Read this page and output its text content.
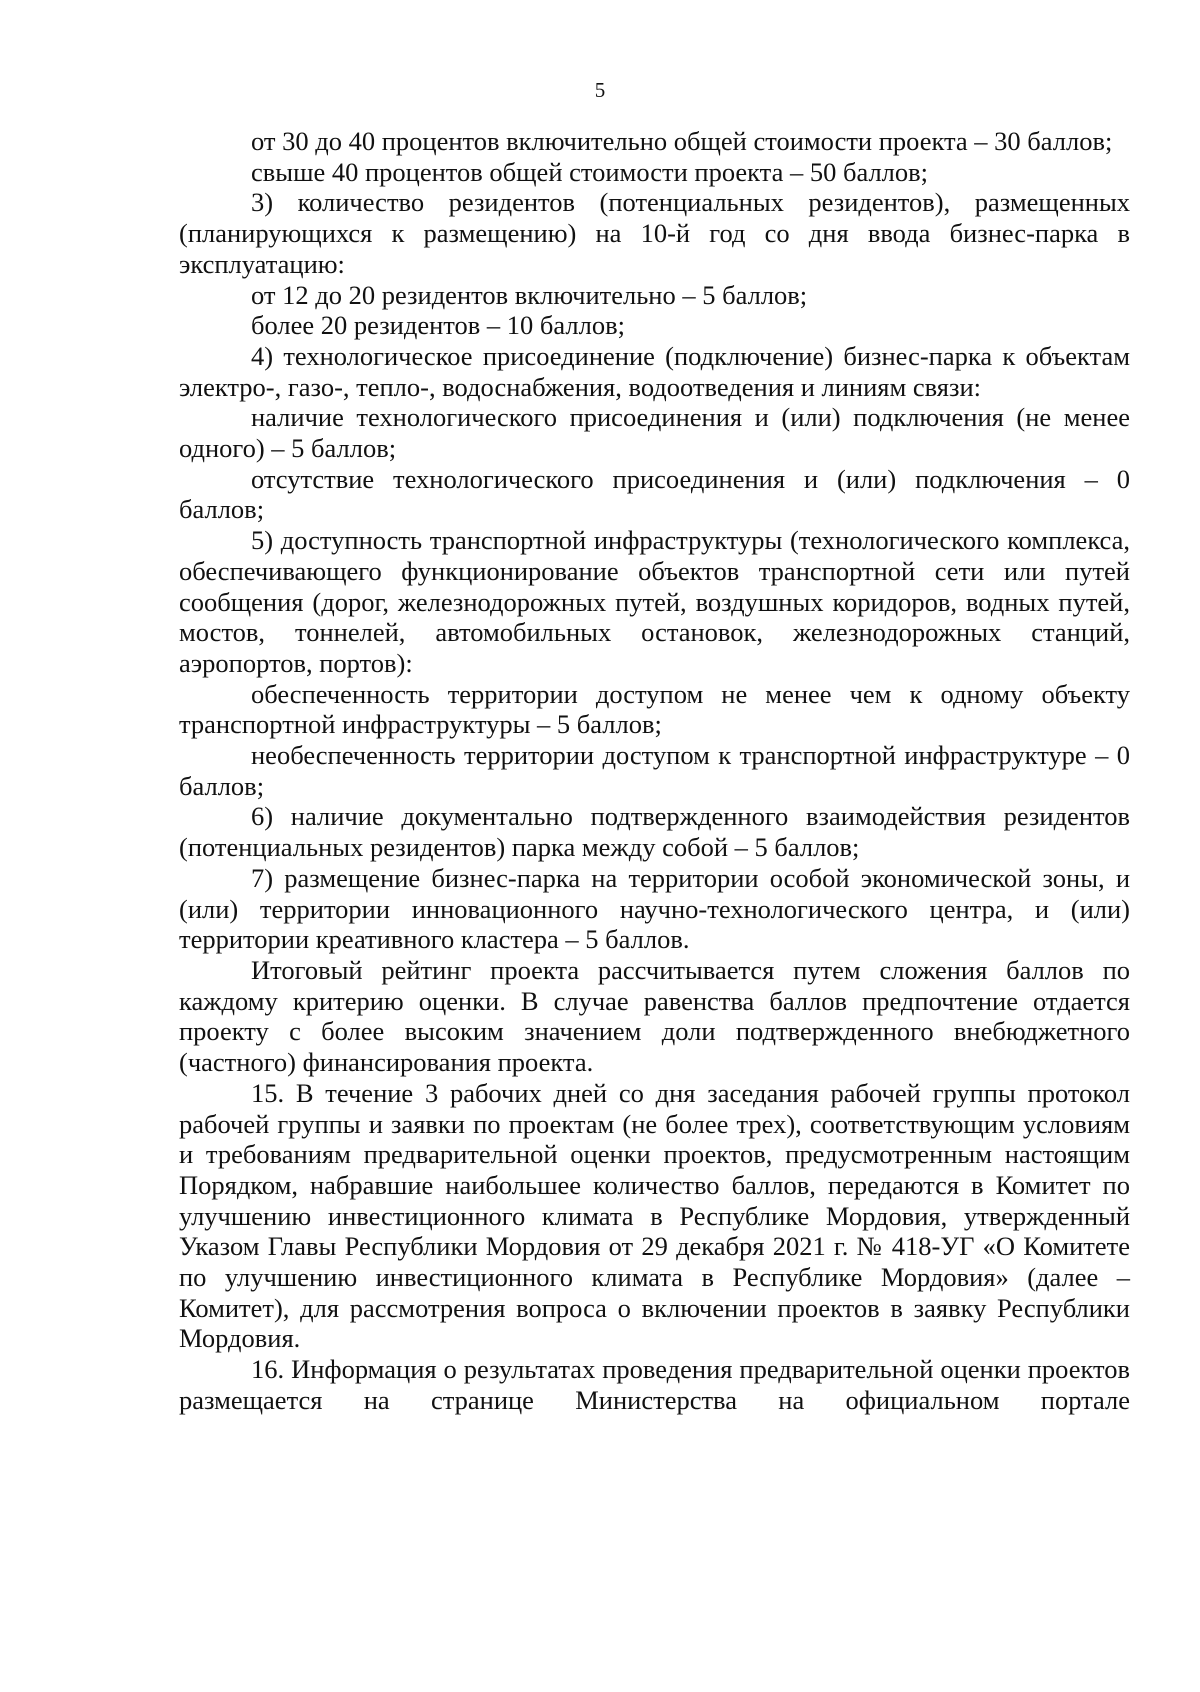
5

от 30 до 40 процентов включительно общей стоимости проекта – 30 баллов;

свыше 40 процентов общей стоимости проекта – 50 баллов;

3) количество резидентов (потенциальных резидентов), размещенных (планирующихся к размещению) на 10-й год со дня ввода бизнес-парка в эксплуатацию:

от 12 до 20 резидентов включительно – 5 баллов;

более 20 резидентов – 10 баллов;

4) технологическое присоединение (подключение) бизнес-парка к объектам электро-, газо-, тепло-, водоснабжения, водоотведения и линиям связи:

наличие технологического присоединения и (или) подключения (не менее одного) – 5 баллов;

отсутствие технологического присоединения и (или) подключения – 0 баллов;

5) доступность транспортной инфраструктуры (технологического комплекса, обеспечивающего функционирование объектов транспортной сети или путей сообщения (дорог, железнодорожных путей, воздушных коридоров, водных путей, мостов, тоннелей, автомобильных остановок, железнодорожных станций, аэропортов, портов):

обеспеченность территории доступом не менее чем к одному объекту транспортной инфраструктуры – 5 баллов;

необеспеченность территории доступом к транспортной инфраструктуре – 0 баллов;

6) наличие документально подтвержденного взаимодействия резидентов (потенциальных резидентов) парка между собой – 5 баллов;

7) размещение бизнес-парка на территории особой экономической зоны, и (или) территории инновационного научно-технологического центра, и (или) территории креативного кластера – 5 баллов.

Итоговый рейтинг проекта рассчитывается путем сложения баллов по каждому критерию оценки. В случае равенства баллов предпочтение отдается проекту с более высоким значением доли подтвержденного внебюджетного (частного) финансирования проекта.

15. В течение 3 рабочих дней со дня заседания рабочей группы протокол рабочей группы и заявки по проектам (не более трех), соответствующим условиям и требованиям предварительной оценки проектов, предусмотренным настоящим Порядком, набравшие наибольшее количество баллов, передаются в Комитет по улучшению инвестиционного климата в Республике Мордовия, утвержденный Указом Главы Республики Мордовия от 29 декабря 2021 г. № 418-УГ «О Комитете по улучшению инвестиционного климата в Республике Мордовия» (далее – Комитет), для рассмотрения вопроса о включении проектов в заявку Республики Мордовия.

16. Информация о результатах проведения предварительной оценки проектов размещается на странице Министерства на официальном портале
